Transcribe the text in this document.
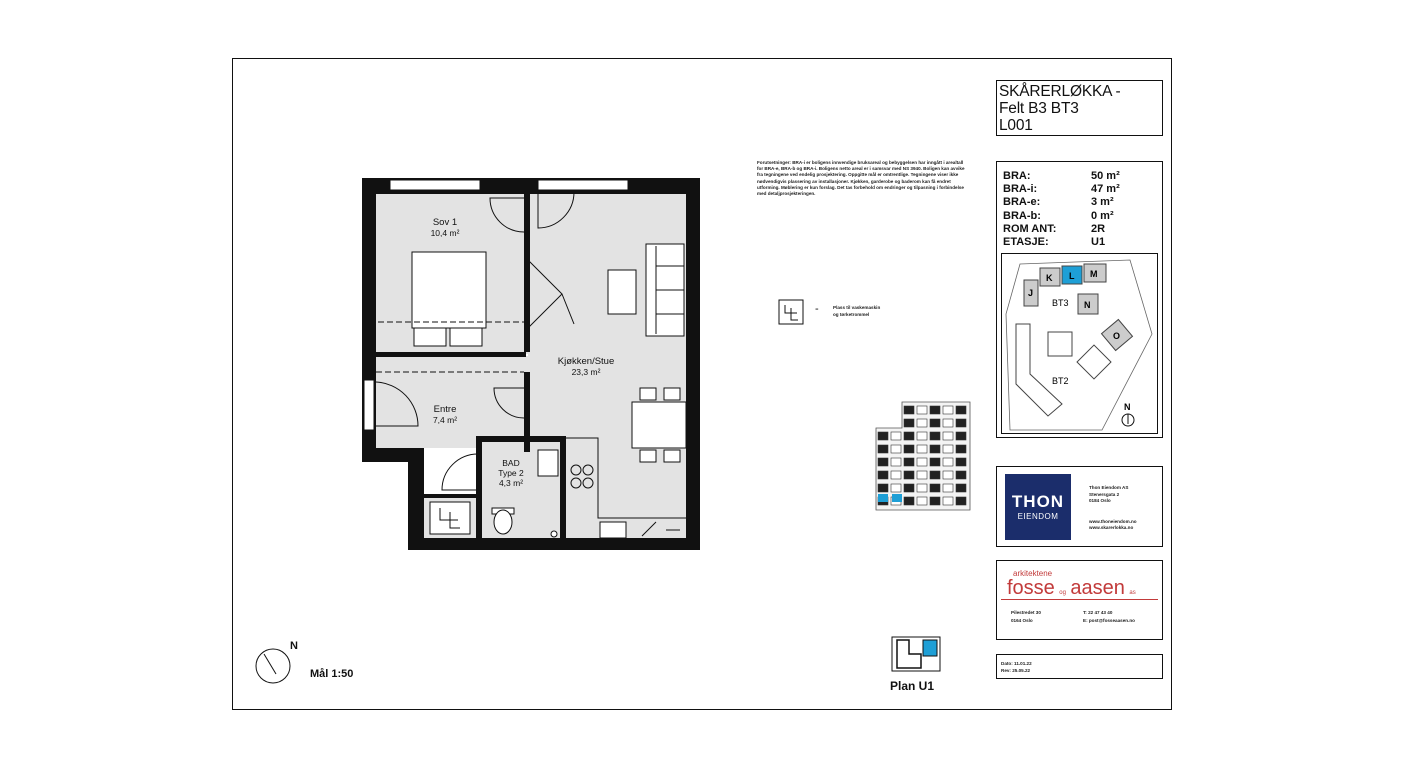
Sov 1
10,4 m²
Kjøkken/Stue
23,3 m²
Entre
7,4 m²
BAD
Type 2
4,3 m²
Forutsetninger: BRA-i er boligens innvendige bruksareal og bebyggelsen har inngått i arealtall for BRA-e, BRA-b og BRA-i. Boligens netto areal er i samsvar med NS 3940. Boligen kan avvike fra tegningene ved endelig prosjektering. Oppgitte mål er omtrentlige. Tegningene viser ikke nødvendigvis plassering av installasjoner. Kjøkken, garderobe og baderom kan få endret utforming. Møblering er kun forslag. Det tas forbehold om endringer og tilpasning i forbindelse med detaljprosjekteringen.
-	Plass til vaskemaskin
og tørketrommel
Mål 1:50
N
Plan U1
SKÅRERLØKKA -
Felt B3 BT3
L001
BRA:	50 m²
BRA-i:	47 m²
BRA-e:	3 m²
BRA-b:	0 m²
ROM ANT:	2R
ETASJE:	U1
J
K L M
N
O
BT3
BT2
N
THON
EIENDOM
Thon Eiendom AS
Stenersgata 2
0184 Oslo
www.thoneiendom.no
www.skarerlokka.no
arkitektene
fosse og aasen as
Pilestredet 30
0164 Oslo
T: 22 47 43 40
E: post@fosseaasen.no
Dato: 11.01.22
Rev: 25.05.22
